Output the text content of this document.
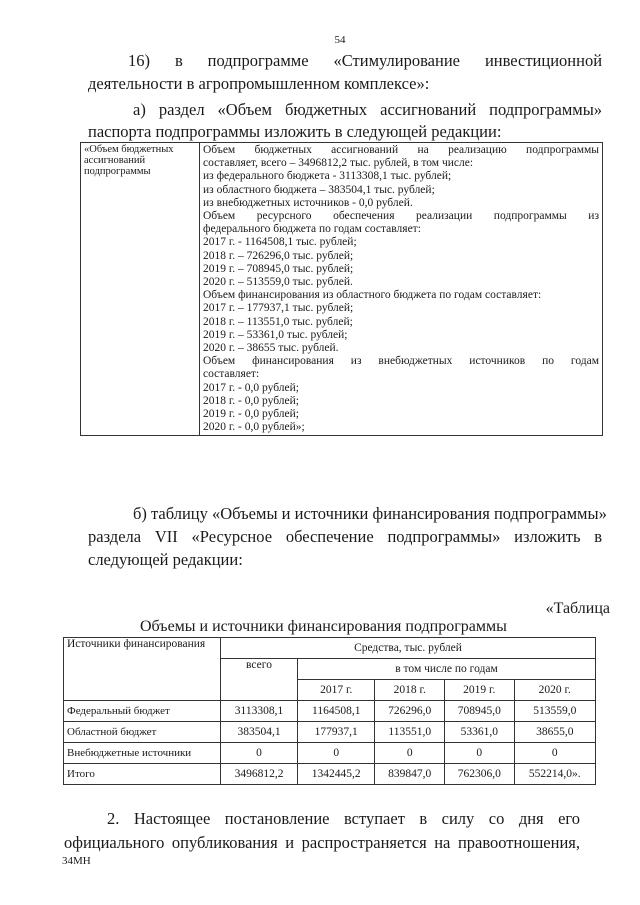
54
16) в подпрограмме «Стимулирование инвестиционной
деятельности в агропромышленном комплексе»:
а) раздел «Объем бюджетных ассигнований подпрограммы»
паспорта подпрограммы изложить в следующей редакции:
«Объем бюджетных ассигнований подпрограммы	
Объем бюджетных ассигнований на реализацию подпрограммы
составляет, всего – 3496812,2 тыс. рублей, в том числе:
из федерального бюджета - 3113308,1 тыс. рублей;
из областного бюджета – 383504,1 тыс. рублей;
из внебюджетных источников - 0,0 рублей.
Объем ресурсного обеспечения реализации подпрограммы из
федерального бюджета по годам составляет:
2017 г. - 1164508,1 тыс. рублей;
2018 г. – 726296,0 тыс. рублей;
2019 г. – 708945,0 тыс. рублей;
2020 г. – 513559,0 тыс. рублей.
Объем финансирования из областного бюджета по годам составляет:
2017 г. – 177937,1 тыс. рублей;
2018 г. – 113551,0 тыс. рублей;
2019 г. – 53361,0 тыс. рублей;
2020 г. – 38655 тыс. рублей.
Объем финансирования из внебюджетных источников по годам
составляет:
2017 г. - 0,0 рублей;
2018 г. - 0,0 рублей;
2019 г. - 0,0 рублей;
2020 г. - 0,0 рублей»;
б) таблицу «Объемы и источники финансирования подпрограммы»
раздела VII «Ресурсное обеспечение подпрограммы» изложить в
следующей редакции:
«Таблица
Объемы и источники финансирования подпрограммы
Источники финансирования	Средства, тыс. рублей				
	всего	в том числе по годам			
		2017 г.	2018 г.	2019 г.	2020 г.
Федеральный бюджет	3113308,1	1164508,1	726296,0	708945,0	513559,0
Областной бюджет	383504,1	177937,1	113551,0	53361,0	38655,0
Внебюджетные источники	0	0	0	0	0
Итого	3496812,2	1342445,2	839847,0	762306,0	552214,0».
2. Настоящее постановление вступает в силу со дня его
официального опубликования и распространяется на правоотношения,
34МН
